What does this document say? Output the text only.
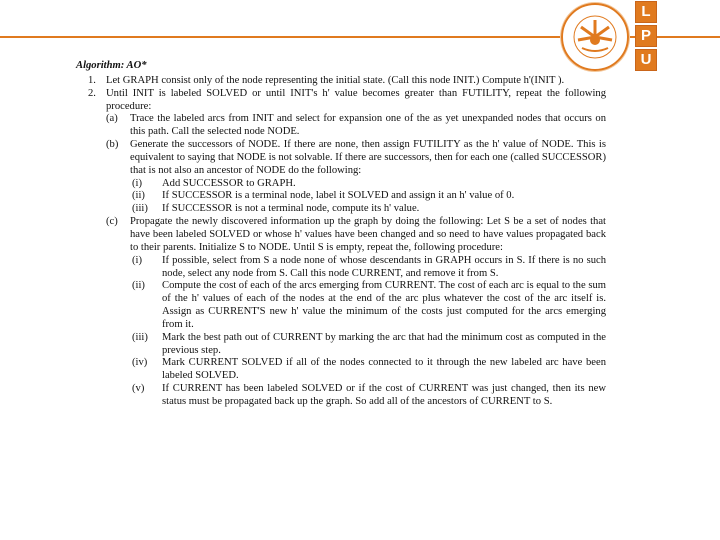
L
P
U
Algorithm: AO*
1. Let GRAPH consist only of the node representing the initial state. (Call this node INIT.) Compute h'(INIT ).
2. Until INIT is labeled SOLVED or until INIT's h' value becomes greater than FUTILITY, repeat the following procedure:
(a)	Trace the labeled arcs from INIT and select for expansion one of the as yet unexpanded nodes that occurs on this path. Call the selected node NODE.
(b)	Generate the successors of NODE. If there are none, then assign FUTILITY as the h' value of NODE. This is equivalent to saying that NODE is not solvable. If there are successors, then for each one (called SUCCESSOR) that is not also an ancestor of NODE do the following:
(i)	Add SUCCESSOR to GRAPH.
(ii)	If SUCCESSOR is a terminal node, label it SOLVED and assign it an h' value of 0.
(iii)	If SUCCESSOR is not a terminal node, compute its h' value.
(c)	Propagate the newly discovered information up the graph by doing the following: Let S be a set of nodes that have been labeled SOLVED or whose h' values have been changed and so need to have values propagated back to their parents. Initialize S to NODE. Until S is empty, repeat the, following procedure:
(i)	If possible, select from S a node none of whose descendants in GRAPH occurs in S. If there is no such node, select any node from S. Call this node CURRENT, and remove it from S.
(ii)	Compute the cost of each of the arcs emerging from CURRENT. The cost of each arc is equal to the sum of the h' values of each of the nodes at the end of the arc plus whatever the cost of the arc itself is. Assign as CURRENT'S new h' value the minimum of the costs just computed for the arcs emerging from it.
(iii)	Mark the best path out of CURRENT by marking the arc that had the minimum cost as computed in the previous step.
(iv)	Mark CURRENT SOLVED if all of the nodes connected to it through the new labeled arc have been labeled SOLVED.
(v)	If CURRENT has been labeled SOLVED or if the cost of CURRENT was just changed, then its new status must be propagated back up the graph. So add all of the ancestors of CURRENT to S.
